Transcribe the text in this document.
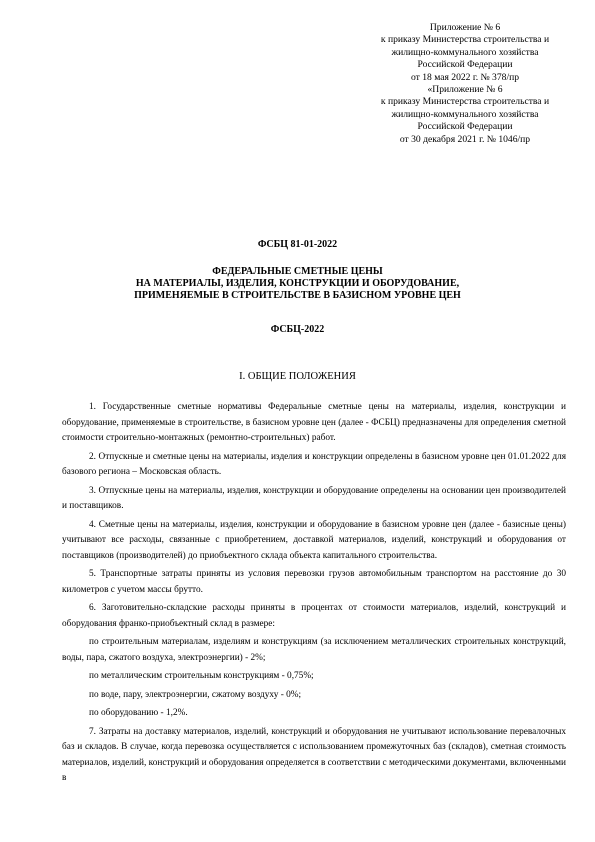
Приложение № 6
к приказу Министерства строительства и
жилищно-коммунального хозяйства
Российской Федерации
от 18 мая 2022 г. № 378/пр
«Приложение № 6
к приказу Министерства строительства и
жилищно-коммунального хозяйства
Российской Федерации
от 30 декабря 2021 г. № 1046/пр
ФСБЦ 81-01-2022
ФЕДЕРАЛЬНЫЕ СМЕТНЫЕ ЦЕНЫ
НА МАТЕРИАЛЫ, ИЗДЕЛИЯ, КОНСТРУКЦИИ И ОБОРУДОВАНИЕ,
ПРИМЕНЯЕМЫЕ В СТРОИТЕЛЬСТВЕ В БАЗИСНОМ УРОВНЕ ЦЕН
ФСБЦ-2022
I. ОБЩИЕ ПОЛОЖЕНИЯ

1. Государственные сметные нормативы Федеральные сметные цены на материалы, изделия, конструкции и оборудование, применяемые в строительстве, в базисном уровне цен (далее - ФСБЦ) предназначены для определения сметной стоимости строительно-монтажных (ремонтно-строительных) работ.

2. Отпускные и сметные цены на материалы, изделия и конструкции определены в базисном уровне цен 01.01.2022 для базового региона – Московская область.

3. Отпускные цены на материалы, изделия, конструкции и оборудование определены на основании цен производителей и поставщиков.

4. Сметные цены на материалы, изделия, конструкции и оборудование в базисном уровне цен (далее - базисные цены) учитывают все расходы, связанные с приобретением, доставкой материалов, изделий, конструкций и оборудования от поставщиков (производителей) до приобъектного склада объекта капитального строительства.

5. Транспортные затраты приняты из условия перевозки грузов автомобильным транспортом на расстояние до 30 километров с учетом массы брутто.

6. Заготовительно-складские расходы приняты в процентах от стоимости материалов, изделий, конструкций и оборудования франко-приобъектный склад в размере:

по строительным материалам, изделиям и конструкциям (за исключением металлических строительных конструкций, воды, пара, сжатого воздуха, электроэнергии) - 2%;

по металлическим строительным конструкциям - 0,75%;

по воде, пару, электроэнергии, сжатому воздуху - 0%;

по оборудованию - 1,2%.

7. Затраты на доставку материалов, изделий, конструкций и оборудования не учитывают использование перевалочных баз и складов. В случае, когда перевозка осуществляется с использованием промежуточных баз (складов), сметная стоимость материалов, изделий, конструкций и оборудования определяется в соответствии с методическими документами, включенными в
